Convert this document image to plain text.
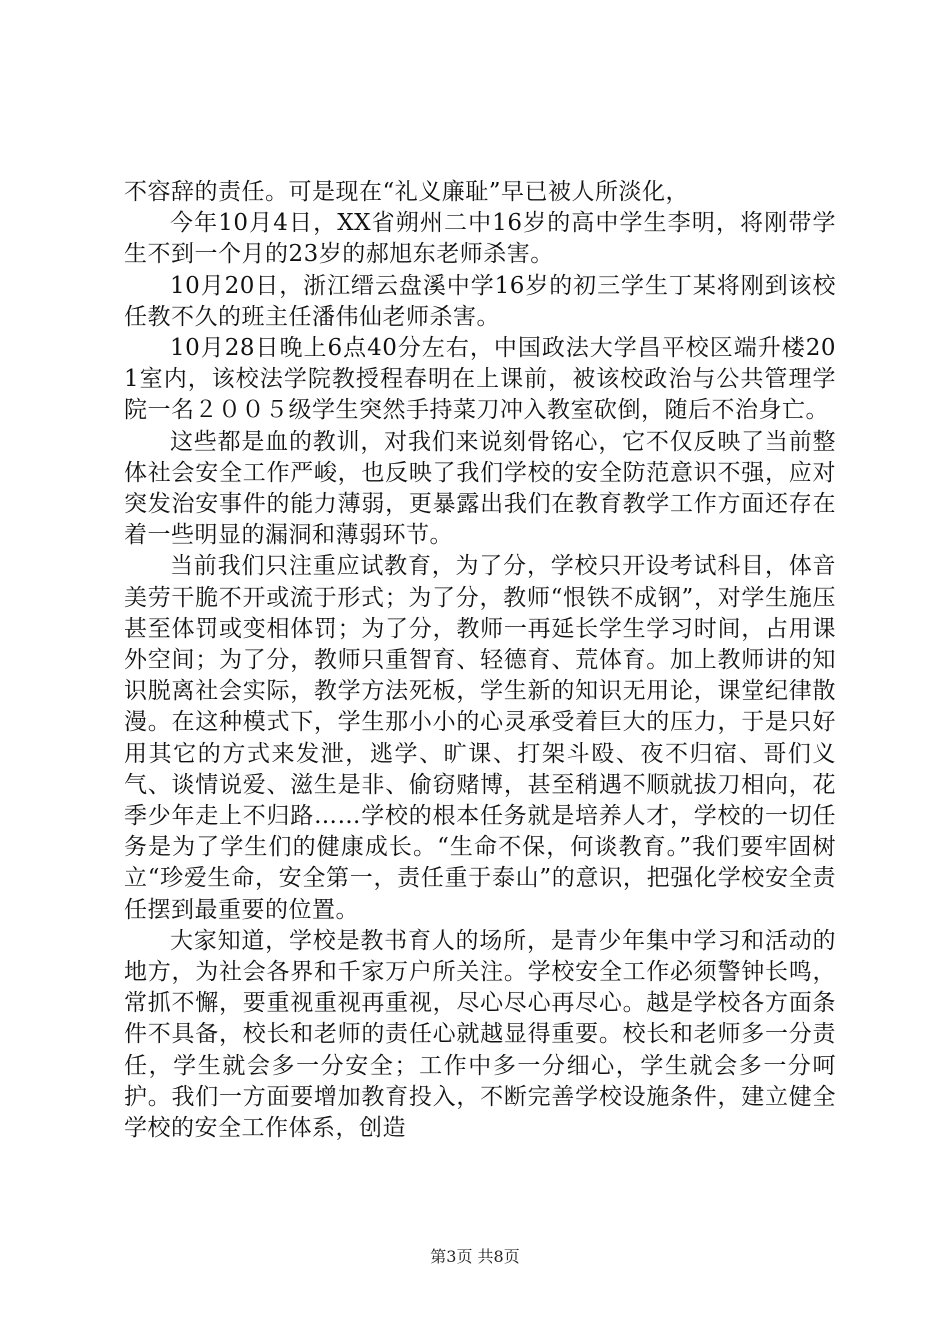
不容辞的责任。可是现在“礼义廉耻”早已被人所淡化，

今年10月4日，XX省朔州二中16岁的高中学生李明，将刚带学生不到一个月的23岁的郝旭东老师杀害。

10月20日，浙江缙云盘溪中学16岁的初三学生丁某将刚到该校任教不久的班主任潘伟仙老师杀害。

10月28日晚上6点40分左右，中国政法大学昌平校区端升楼201室内，该校法学院教授程春明在上课前，被该校政治与公共管理学院一名２００５级学生突然手持菜刀冲入教室砍倒，随后不治身亡。

这些都是血的教训，对我们来说刻骨铭心，它不仅反映了当前整体社会安全工作严峻，也反映了我们学校的安全防范意识不强，应对突发治安事件的能力薄弱，更暴露出我们在教育教学工作方面还存在着一些明显的漏洞和薄弱环节。

当前我们只注重应试教育，为了分，学校只开设考试科目，体音美劳干脆不开或流于形式；为了分，教师“恨铁不成钢”，对学生施压甚至体罚或变相体罚；为了分，教师一再延长学生学习时间，占用课外空间；为了分，教师只重智育、轻德育、荒体育。加上教师讲的知识脱离社会实际，教学方法死板，学生新的知识无用论，课堂纪律散漫。在这种模式下，学生那小小的心灵承受着巨大的压力，于是只好用其它的方式来发泄，逃学、旷课、打架斗殴、夜不归宿、哥们义气、谈情说爱、滋生是非、偷窃赌博，甚至稍遇不顺就拔刀相向，花季少年走上不归路……学校的根本任务就是培养人才，学校的一切任务是为了学生们的健康成长。“生命不保，何谈教育。”我们要牢固树立“珍爱生命，安全第一，责任重于泰山”的意识，把强化学校安全责任摆到最重要的位置。

大家知道，学校是教书育人的场所，是青少年集中学习和活动的地方，为社会各界和千家万户所关注。学校安全工作必须警钟长鸣，常抓不懈，要重视重视再重视，尽心尽心再尽心。越是学校各方面条件不具备，校长和老师的责任心就越显得重要。校长和老师多一分责任，学生就会多一分安全；工作中多一分细心，学生就会多一分呵护。我们一方面要增加教育投入，不断完善学校设施条件，建立健全学校的安全工作体系，创造

第3页 共8页
